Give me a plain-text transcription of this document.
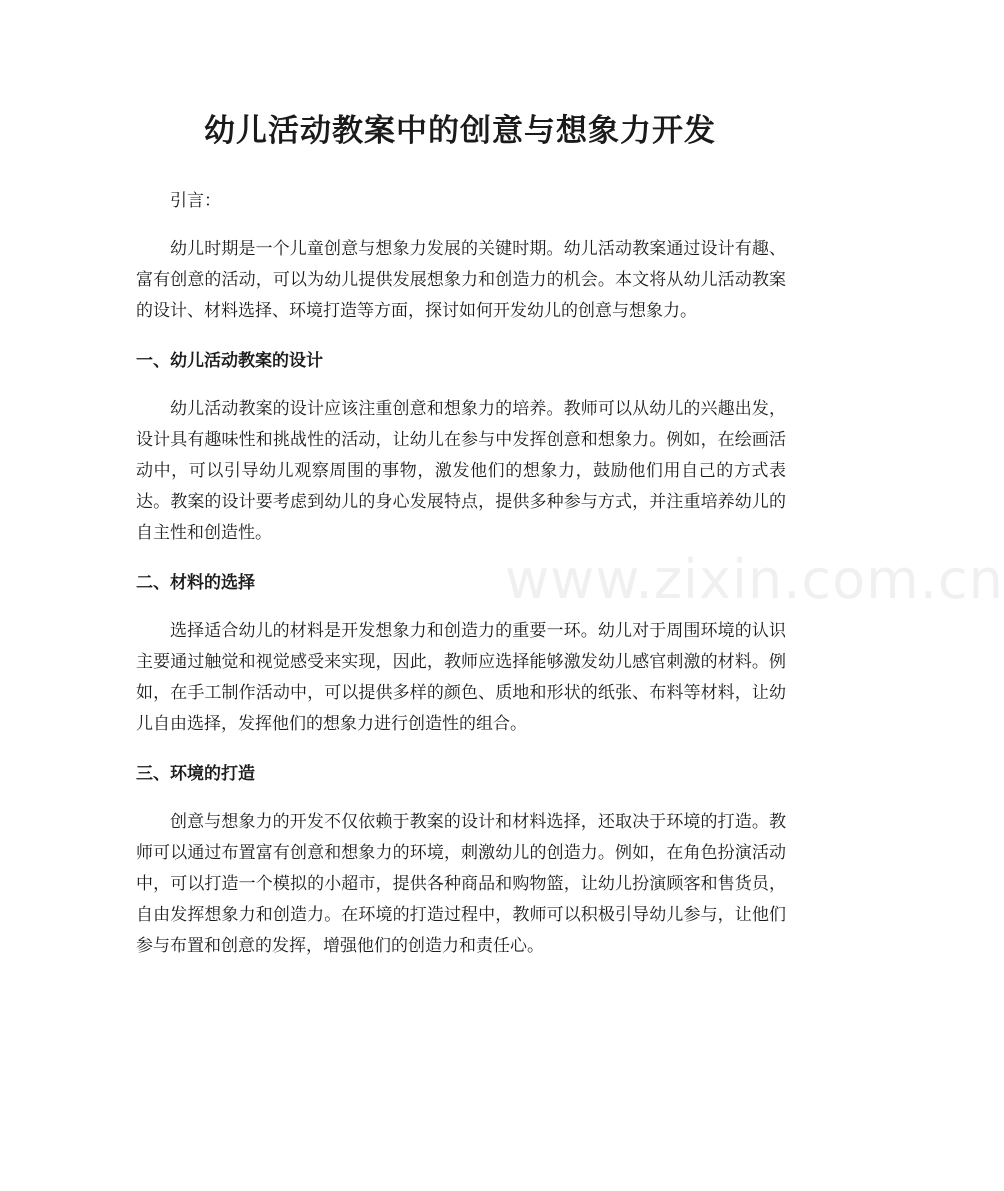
幼儿活动教案中的创意与想象力开发

引言：

幼儿时期是一个儿童创意与想象力发展的关键时期。幼儿活动教案通过设计有趣、富有创意的活动，可以为幼儿提供发展想象力和创造力的机会。本文将从幼儿活动教案的设计、材料选择、环境打造等方面，探讨如何开发幼儿的创意与想象力。

一、幼儿活动教案的设计

幼儿活动教案的设计应该注重创意和想象力的培养。教师可以从幼儿的兴趣出发，设计具有趣味性和挑战性的活动，让幼儿在参与中发挥创意和想象力。例如，在绘画活动中，可以引导幼儿观察周围的事物，激发他们的想象力，鼓励他们用自己的方式表达。教案的设计要考虑到幼儿的身心发展特点，提供多种参与方式，并注重培养幼儿的自主性和创造性。

二、材料的选择

选择适合幼儿的材料是开发想象力和创造力的重要一环。幼儿对于周围环境的认识主要通过触觉和视觉感受来实现，因此，教师应选择能够激发幼儿感官刺激的材料。例如，在手工制作活动中，可以提供多样的颜色、质地和形状的纸张、布料等材料，让幼儿自由选择，发挥他们的想象力进行创造性的组合。

三、环境的打造

创意与想象力的开发不仅依赖于教案的设计和材料选择，还取决于环境的打造。教师可以通过布置富有创意和想象力的环境，刺激幼儿的创造力。例如，在角色扮演活动中，可以打造一个模拟的小超市，提供各种商品和购物篮，让幼儿扮演顾客和售货员，自由发挥想象力和创造力。在环境的打造过程中，教师可以积极引导幼儿参与，让他们参与布置和创意的发挥，增强他们的创造力和责任心。

www.zixin.com.cn
